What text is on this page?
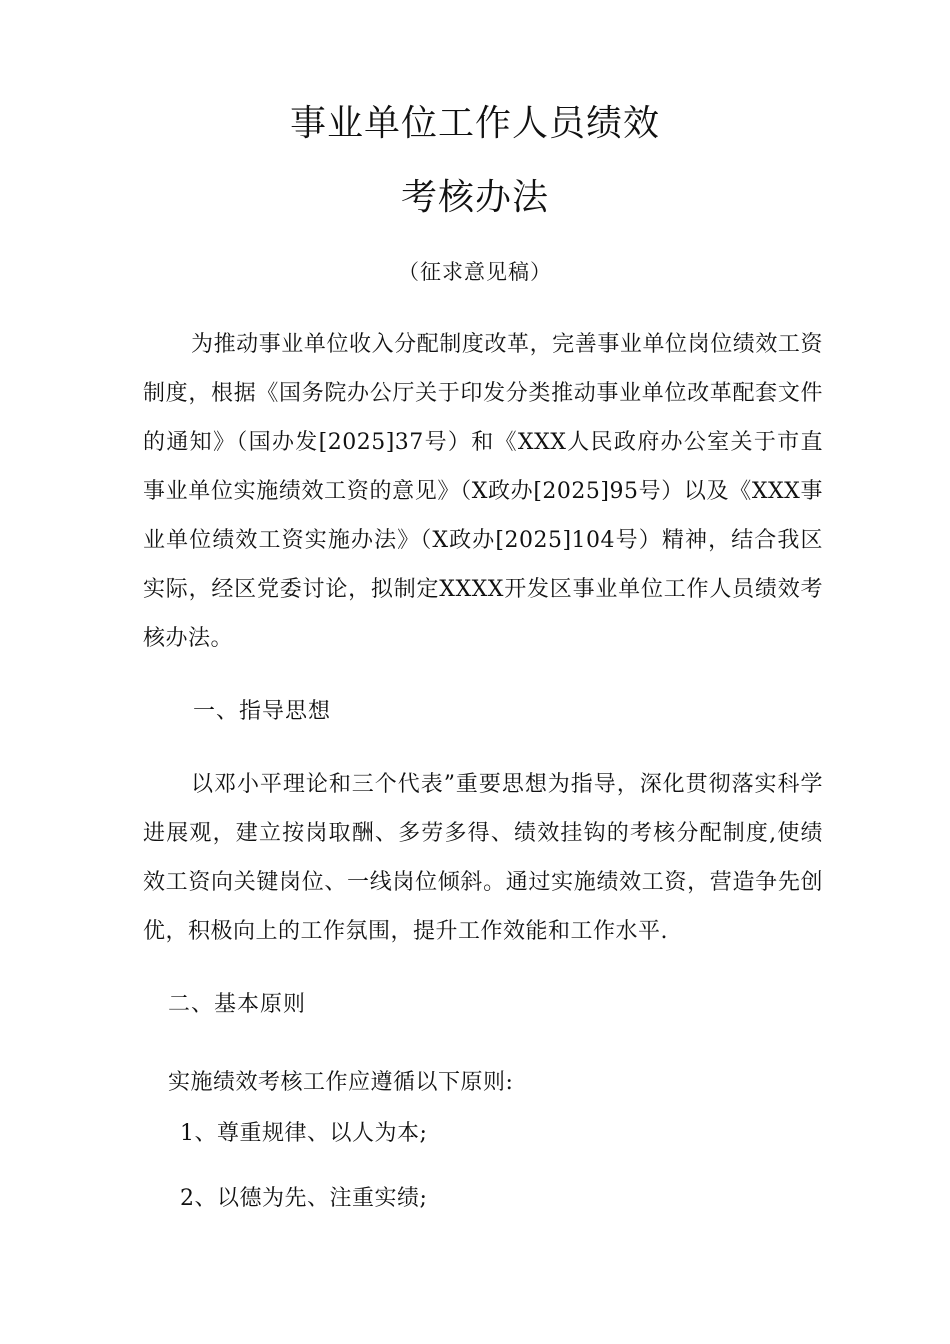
事业单位工作人员绩效
考核办法
（征求意见稿）
为推动事业单位收入分配制度改革，完善事业单位岗位绩效工资制度，根据《国务院办公厅关于印发分类推动事业单位改革配套文件的通知》（国办发[2025]37号）和《XXX人民政府办公室关于市直事业单位实施绩效工资的意见》（X政办[2025]95号）以及《XXX事业单位绩效工资实施办法》（X政办[2025]104号）精神，结合我区实际，经区党委讨论，拟制定XXXX开发区事业单位工作人员绩效考核办法。
一、指导思想
以邓小平理论和三个代表”重要思想为指导，深化贯彻落实科学进展观，建立按岗取酬、多劳多得、绩效挂钩的考核分配制度,使绩效工资向关键岗位、一线岗位倾斜。通过实施绩效工资，营造争先创优，积极向上的工作氛围，提升工作效能和工作水平.
二、基本原则
实施绩效考核工作应遵循以下原则:
1、尊重规律、以人为本;
2、以德为先、注重实绩;
